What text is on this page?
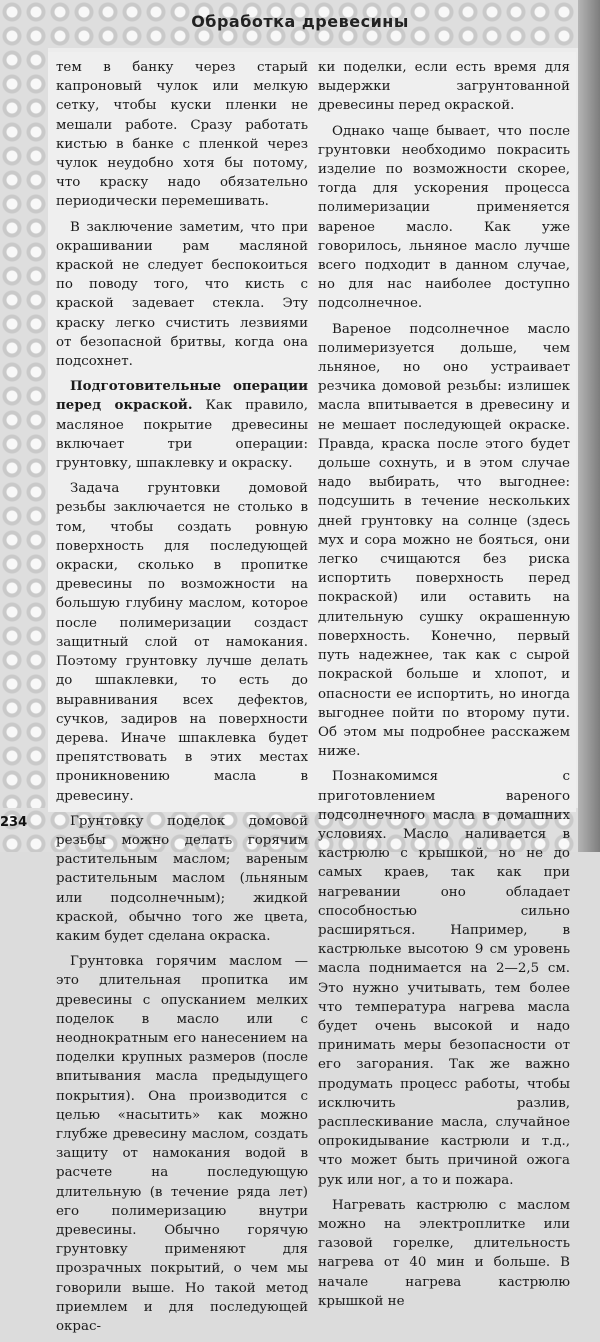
Обработка древесины

тем в банку через старый капроновый чулок или мелкую сетку, чтобы куски пленки не мешали работе. Сразу работать кистью в банке с пленкой через чулок неудобно хотя бы потому, что краску надо обязательно периодически перемешивать.

В заключение заметим, что при окрашивании рам масляной краской не следует беспокоиться по поводу того, что кисть с краской задевает стекла. Эту краску легко счистить лезвиями от безопасной бритвы, когда она подсохнет.

Подготовительные операции перед окраской. Как правило, масляное покрытие древесины включает три операции: грунтовку, шпаклевку и окраску.

Задача грунтовки домовой резьбы заключается не столько в том, чтобы создать ровную поверхность для последующей окраски, сколько в пропитке древесины по возможности на большую глубину маслом, которое после полимеризации создаст защитный слой от намокания. Поэтому грунтовку лучше делать до шпаклевки, то есть до выравнивания всех дефектов, сучков, задиров на поверхности дерева. Иначе шпаклевка будет препятствовать в этих местах проникновению масла в древесину.

Грунтовку поделок домовой резьбы можно делать горячим растительным маслом; вареным растительным маслом (льняным или подсолнечным); жидкой краской, обычно того же цвета, каким будет сделана окраска.

Грунтовка горячим маслом — это длительная пропитка им древесины с опусканием мелких поделок в масло или с неоднократным его нанесением на поделки крупных размеров (после впитывания масла предыдущего покрытия). Она производится с целью «насытить» как можно глубже древесину маслом, создать защиту от намокания водой в расчете на последующую длительную (в течение ряда лет) его полимеризацию внутри древесины. Обычно горячую грунтовку применяют для прозрачных покрытий, о чем мы говорили выше. Но такой метод приемлем и для последующей окрас-

ки поделки, если есть время для выдержки загрунтованной древесины перед окраской.

Однако чаще бывает, что после грунтовки необходимо покрасить изделие по возможности скорее, тогда для ускорения процесса полимеризации применяется вареное масло. Как уже говорилось, льняное масло лучше всего подходит в данном случае, но для нас наиболее доступно подсолнечное.

Вареное подсолнечное масло полимеризуется дольше, чем льняное, но оно устраивает резчика домовой резьбы: излишек масла впитывается в древесину и не мешает последующей окраске. Правда, краска после этого будет дольше сохнуть, и в этом случае надо выбирать, что выгоднее: подсушить в течение нескольких дней грунтовку на солнце (здесь мух и сора можно не бояться, они легко счищаются без риска испортить поверхность перед покраской) или оставить на длительную сушку окрашенную поверхность. Конечно, первый путь надежнее, так как с сырой покраской больше и хлопот, и опасности ее испортить, но иногда выгоднее пойти по второму пути. Об этом мы подробнее расскажем ниже.

Познакомимся с приготовлением вареного подсолнечного масла в домашних условиях. Масло наливается в кастрюлю с крышкой, но не до самых краев, так как при нагревании оно обладает способностью сильно расширяться. Например, в кастрюльке высотою 9 см уровень масла поднимается на 2—2,5 см. Это нужно учитывать, тем более что температура нагрева масла будет очень высокой и надо принимать меры безопасности от его загорания. Так же важно продумать процесс работы, чтобы исключить разлив, расплескивание масла, случайное опрокидывание кастрюли и т.д., что может быть причиной ожога рук или ног, а то и пожара.

Нагревать кастрюлю с маслом можно на электроплитке или газовой горелке, длительность нагрева от 40 мин и больше. В начале нагрева кастрюлю крышкой не

234
